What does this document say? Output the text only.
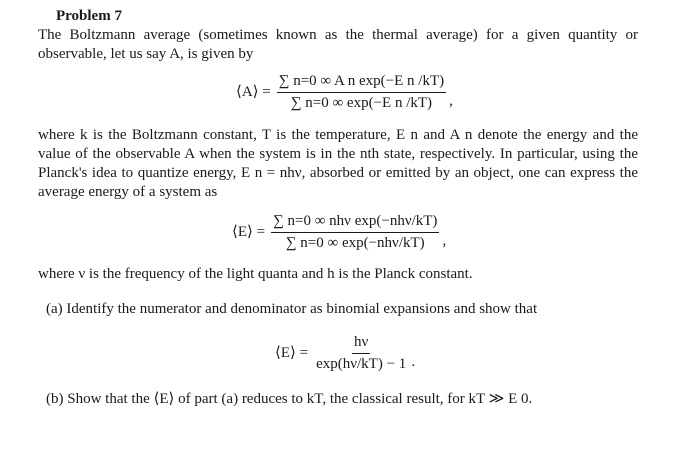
Problem 7
The Boltzmann average (sometimes known as the thermal average) for a given quantity or observable, let us say A, is given by
⟨A⟩ = $\frac{\text{∑ n=0 ∞ A n exp(−E n /kT)}}{\text{∑ n=0 ∞ exp(−E n /kT)}}$ ,
where k is the Boltzmann constant, T is the temperature, E n and A n denote the energy and the value of the observable A when the system is in the nth state, respectively. In particular, using the Planck's idea to quantize energy, E n = nhν, absorbed or emitted by an object, one can express the average energy of a system as
⟨E⟩ = $\frac{\text{∑ n=0 ∞ nhν exp(−nhν/kT)}}{\text{∑ n=0 ∞ exp(−nhν/kT)}}$ ,
where ν is the frequency of the light quanta and h is the Planck constant.
(a) Identify the numerator and denominator as binomial expansions and show that
⟨E⟩ = $\frac{h\nu}{\exp(h\nu/kT) - 1}$ .
(b) Show that the ⟨E⟩ of part (a) reduces to kT, the classical result, for kT ≫ E 0.
